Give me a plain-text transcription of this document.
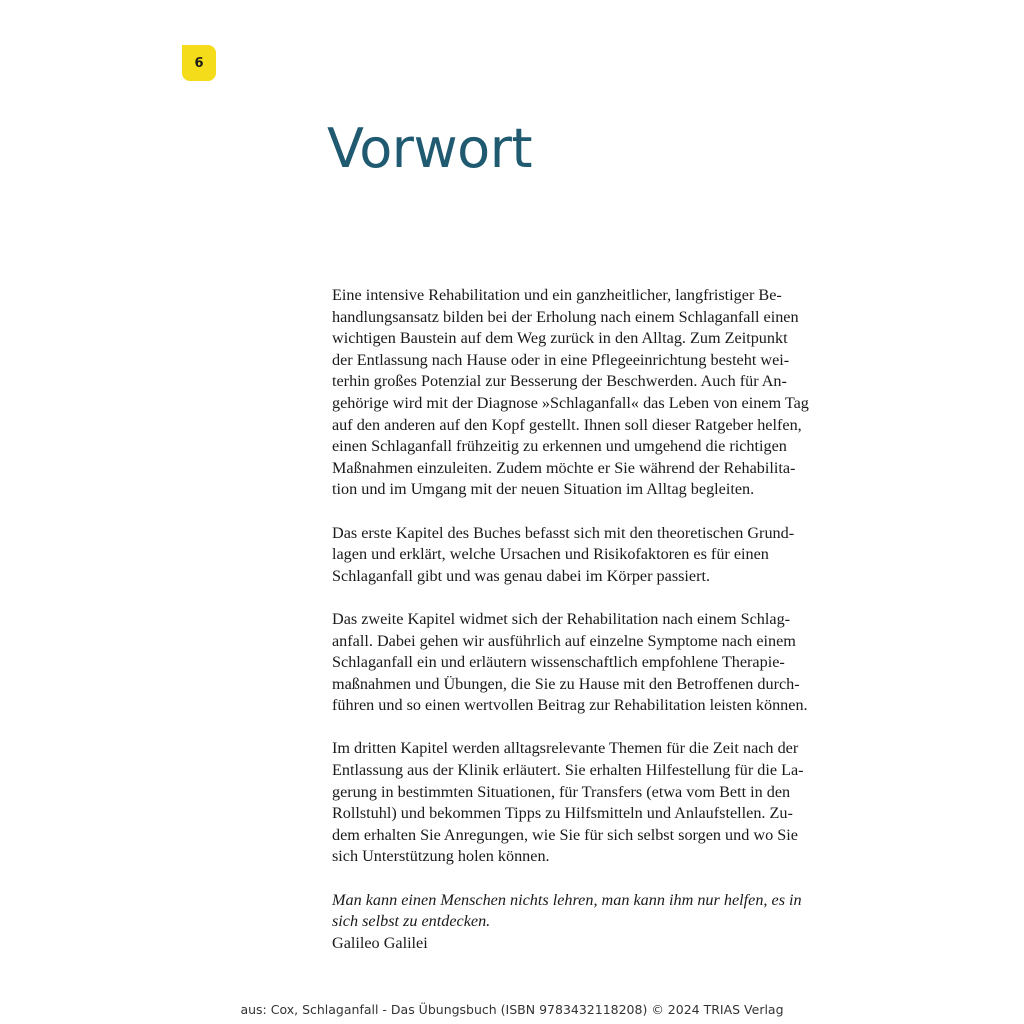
6
Vorwort

Eine intensive Rehabilitation und ein ganzheitlicher, langfristiger Be-
handlungsansatz bilden bei der Erholung nach einem Schlaganfall einen
wichtigen Baustein auf dem Weg zurück in den Alltag. Zum Zeitpunkt
der Entlassung nach Hause oder in eine Pflegeeinrichtung besteht wei-
terhin großes Potenzial zur Besserung der Beschwerden. Auch für An-
gehörige wird mit der Diagnose »Schlaganfall« das Leben von einem Tag
auf den anderen auf den Kopf gestellt. Ihnen soll dieser Ratgeber helfen,
einen Schlaganfall frühzeitig zu erkennen und umgehend die richtigen
Maßnahmen einzuleiten. Zudem möchte er Sie während der Rehabilita-
tion und im Umgang mit der neuen Situation im Alltag begleiten.

Das erste Kapitel des Buches befasst sich mit den theoretischen Grund-
lagen und erklärt, welche Ursachen und Risikofaktoren es für einen
Schlaganfall gibt und was genau dabei im Körper passiert.

Das zweite Kapitel widmet sich der Rehabilitation nach einem Schlag-
anfall. Dabei gehen wir ausführlich auf einzelne Symptome nach einem
Schlaganfall ein und erläutern wissenschaftlich empfohlene Therapie-
maßnahmen und Übungen, die Sie zu Hause mit den Betroffenen durch-
führen und so einen wertvollen Beitrag zur Rehabilitation leisten können.

Im dritten Kapitel werden alltagsrelevante Themen für die Zeit nach der
Entlassung aus der Klinik erläutert. Sie erhalten Hilfestellung für die La-
gerung in bestimmten Situationen, für Transfers (etwa vom Bett in den
Rollstuhl) und bekommen Tipps zu Hilfsmitteln und Anlaufstellen. Zu-
dem erhalten Sie Anregungen, wie Sie für sich selbst sorgen und wo Sie
sich Unterstützung holen können.

Man kann einen Menschen nichts lehren, man kann ihm nur helfen, es in
sich selbst zu entdecken.

Galileo Galilei

aus: Cox, Schlaganfall - Das Übungsbuch (ISBN 9783432118208) © 2024 TRIAS Verlag
